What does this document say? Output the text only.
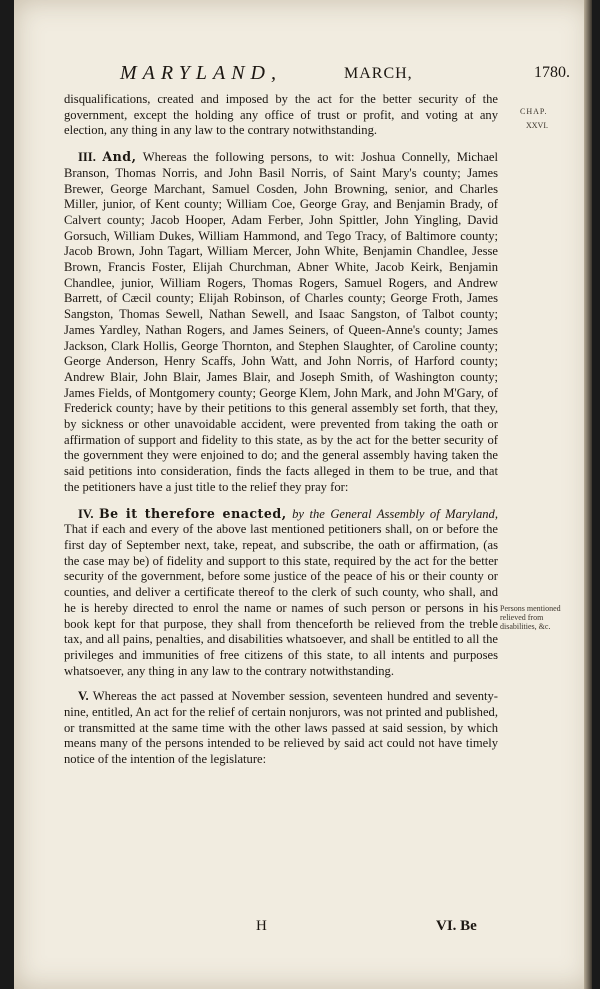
MARYLAND,	MARCH,	1780.
CHAP.
XXVI.
Persons mentioned relieved from disabilities, &c.

disqualifications, created and imposed by the act for the better security of the government, except the holding any office of trust or profit, and voting at any election, any thing in any law to the contrary notwithstanding.

III. And, Whereas the following persons, to wit: Joshua Connelly, Michael Branson, Thomas Norris, and John Basil Norris, of Saint Mary's county; James Brewer, George Marchant, Samuel Cosden, John Browning, senior, and Charles Miller, junior, of Kent county; William Coe, George Gray, and Benjamin Brady, of Calvert county; Jacob Hooper, Adam Ferber, John Spittler, John Yingling, David Gorsuch, William Dukes, William Hammond, and Tego Tracy, of Baltimore county; Jacob Brown, John Tagart, William Mercer, John White, Benjamin Chandlee, Jesse Brown, Francis Foster, Elijah Churchman, Abner White, Jacob Keirk, Benjamin Chandlee, junior, William Rogers, Thomas Rogers, Samuel Rogers, and Andrew Barrett, of Cæcil county; Elijah Robinson, of Charles county; George Froth, James Sangston, Thomas Sewell, Nathan Sewell, and Isaac Sangston, of Talbot county; James Yardley, Nathan Rogers, and James Seiners, of Queen-Anne's county; James Jackson, Clark Hollis, George Thornton, and Stephen Slaughter, of Caroline county; George Anderson, Henry Scaffs, John Watt, and John Norris, of Harford county; Andrew Blair, John Blair, James Blair, and Joseph Smith, of Washington county; James Fields, of Montgomery county; George Klem, John Mark, and John M'Gary, of Frederick county; have by their petitions to this general assembly set forth, that they, by sickness or other unavoidable accident, were prevented from taking the oath or affirmation of support and fidelity to this state, as by the act for the better security of the government they were enjoined to do; and the general assembly having taken the said petitions into consideration, finds the facts alleged in them to be true, and that the petitioners have a just title to the relief they pray for:

IV. Be it therefore enacted, by the General Assembly of Maryland, That if each and every of the above last mentioned petitioners shall, on or before the first day of September next, take, repeat, and subscribe, the oath or affirmation, (as the case may be) of fidelity and support to this state, required by the act for the better security of the government, before some justice of the peace of his or their county or counties, and deliver a certificate thereof to the clerk of such county, who shall, and he is hereby directed to enrol the name or names of such person or persons in his book kept for that purpose, they shall from thenceforth be relieved from the treble tax, and all pains, penalties, and disabilities whatsoever, and shall be entitled to all the privileges and immunities of free citizens of this state, to all intents and purposes whatsoever, any thing in any law to the contrary notwithstanding.

V. Whereas the act passed at November session, seventeen hundred and seventy-nine, entitled, An act for the relief of certain nonjurors, was not printed and published, or transmitted at the same time with the other laws passed at said session, by which means many of the persons intended to be relieved by said act could not have timely notice of the intention of the legislature:

H	VI. Be
